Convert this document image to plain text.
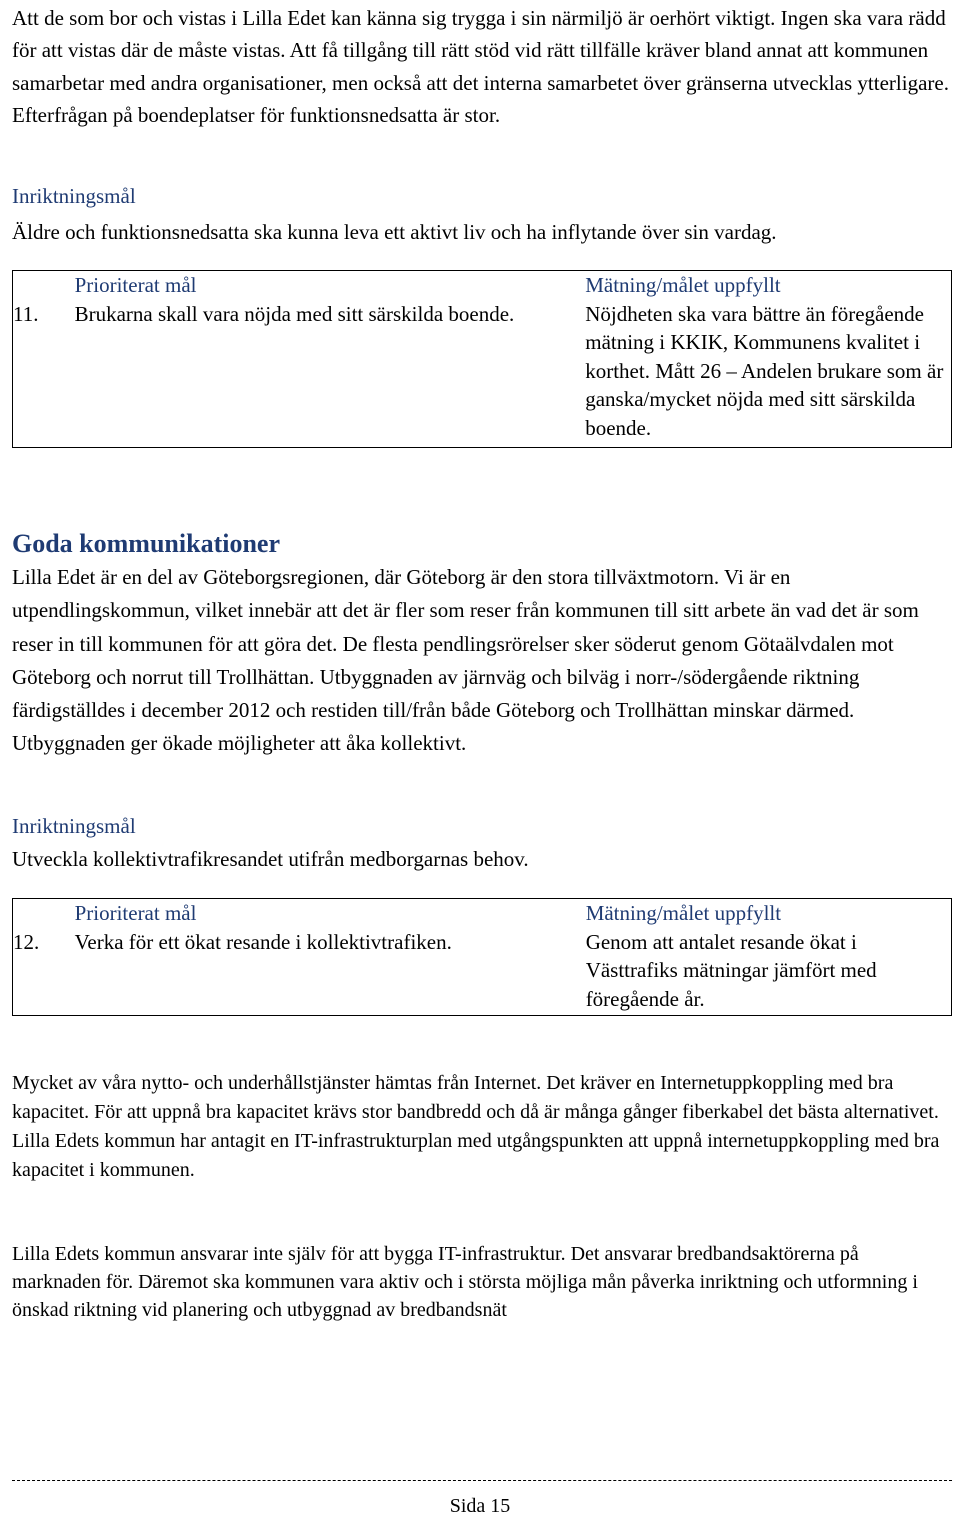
Att de som bor och vistas i Lilla Edet kan känna sig trygga i sin närmiljö är oerhört viktigt. Ingen ska vara rädd för att vistas där de måste vistas. Att få tillgång till rätt stöd vid rätt tillfälle kräver bland annat att kommunen samarbetar med andra organisationer, men också att det interna samarbetet över gränserna utvecklas ytterligare. Efterfrågan på boendeplatser för funktionsnedsatta är stor.

Inriktningsmål
Äldre och funktionsnedsatta ska kunna leva ett aktivt liv och ha inflytande över sin vardag.
	Prioriterat mål	Mätning/målet uppfyllt
11.	Brukarna skall vara nöjda med sitt särskilda boende.	Nöjdheten ska vara bättre än föregående mätning i KKIK, Kommunens kvalitet i korthet. Mått 26 – Andelen brukare som är ganska/mycket nöjda med sitt särskilda boende.
Goda kommunikationer

Lilla Edet är en del av Göteborgsregionen, där Göteborg är den stora tillväxtmotorn. Vi är en utpendlingskommun, vilket innebär att det är fler som reser från kommunen till sitt arbete än vad det är som reser in till kommunen för att göra det. De flesta pendlingsrörelser sker söderut genom Götaälvdalen mot Göteborg och norrut till Trollhättan. Utbyggnaden av järnväg och bilväg i norr-/södergående riktning färdigställdes i december 2012 och restiden till/från både Göteborg och Trollhättan minskar därmed. Utbyggnaden ger ökade möjligheter att åka kollektivt.

Inriktningsmål
Utveckla kollektivtrafikresandet utifrån medborgarnas behov.
	Prioriterat mål	Mätning/målet uppfyllt
12.	Verka för ett ökat resande i kollektivtrafiken.	Genom att antalet resande ökat i Västtrafiks mätningar jämfört med föregående år.

Mycket av våra nytto- och underhållstjänster hämtas från Internet. Det kräver en Internetuppkoppling med bra kapacitet. För att uppnå bra kapacitet krävs stor bandbredd och då är många gånger fiberkabel det bästa alternativet. Lilla Edets kommun har antagit en IT-infrastrukturplan med utgångspunkten att uppnå internetuppkoppling med bra kapacitet i kommunen.

Lilla Edets kommun ansvarar inte själv för att bygga IT-infrastruktur. Det ansvarar bredbandsaktörerna på marknaden för. Däremot ska kommunen vara aktiv och i största möjliga mån påverka inriktning och utformning i önskad riktning vid planering och utbyggnad av bredbandsnät

Sida 15
